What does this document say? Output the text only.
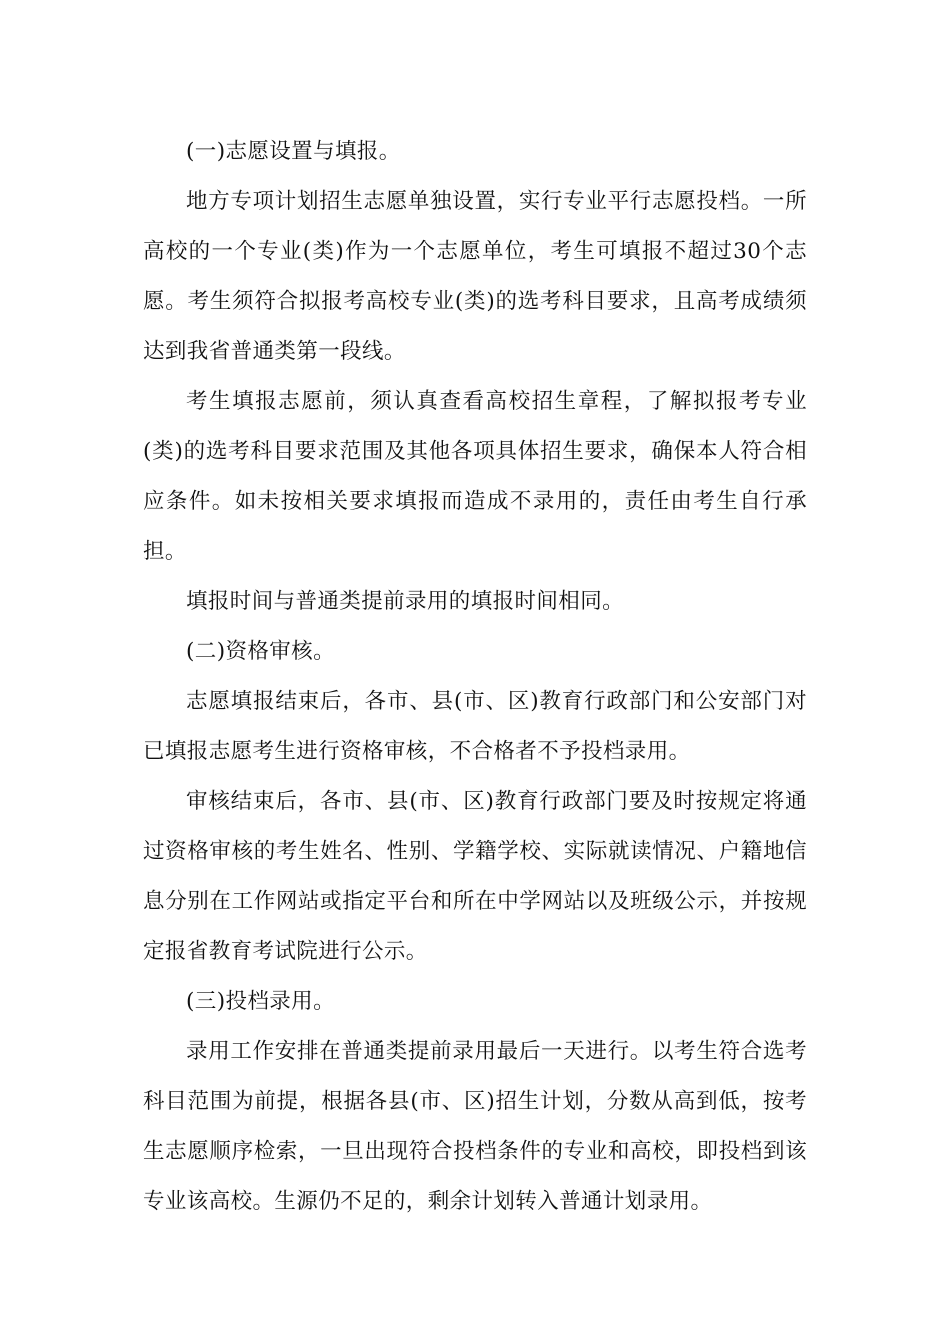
(一)志愿设置与填报。

地方专项计划招生志愿单独设置，实行专业平行志愿投档。一所高校的一个专业(类)作为一个志愿单位，考生可填报不超过30个志愿。考生须符合拟报考高校专业(类)的选考科目要求，且高考成绩须达到我省普通类第一段线。

考生填报志愿前，须认真查看高校招生章程，了解拟报考专业(类)的选考科目要求范围及其他各项具体招生要求，确保本人符合相应条件。如未按相关要求填报而造成不录用的，责任由考生自行承担。

填报时间与普通类提前录用的填报时间相同。

(二)资格审核。

志愿填报结束后，各市、县(市、区)教育行政部门和公安部门对已填报志愿考生进行资格审核，不合格者不予投档录用。

审核结束后，各市、县(市、区)教育行政部门要及时按规定将通过资格审核的考生姓名、性别、学籍学校、实际就读情况、户籍地信息分别在工作网站或指定平台和所在中学网站以及班级公示，并按规定报省教育考试院进行公示。

(三)投档录用。

录用工作安排在普通类提前录用最后一天进行。以考生符合选考科目范围为前提，根据各县(市、区)招生计划，分数从高到低，按考生志愿顺序检索，一旦出现符合投档条件的专业和高校，即投档到该专业该高校。生源仍不足的，剩余计划转入普通计划录用。
